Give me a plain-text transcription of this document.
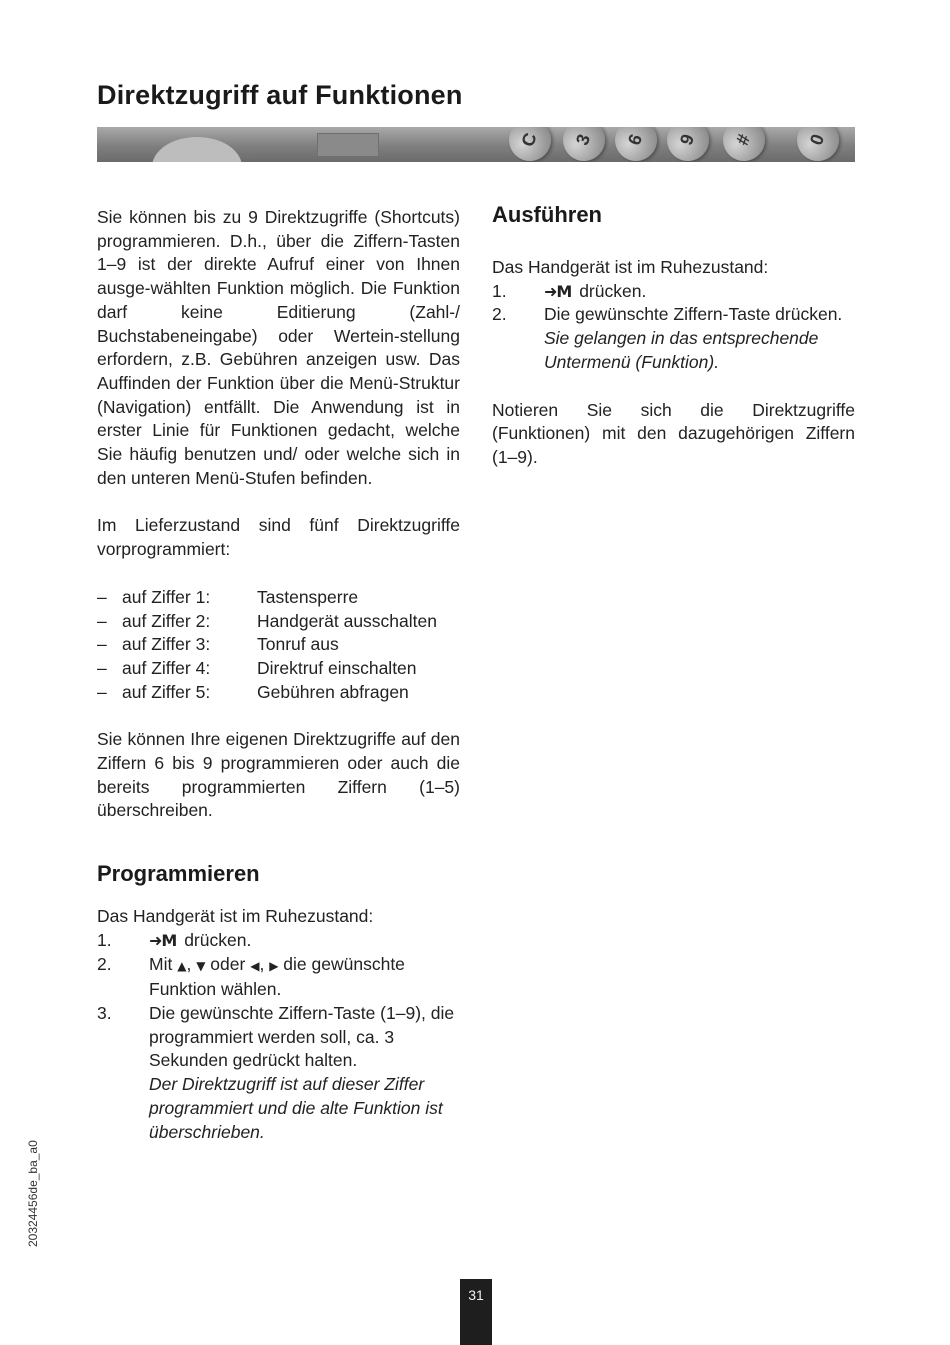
Direktzugriff auf Funktionen
C	3	6	9	#	0

Sie können bis zu 9 Direktzugriffe (Shortcuts) programmieren. D.h., über die Ziffern-Tasten 1–9 ist der direkte Aufruf einer von Ihnen ausge-wählten Funktion möglich. Die Funktion darf keine Editierung (Zahl-/ Buchstabeneingabe) oder Wertein-stellung erfordern, z.B. Gebühren anzeigen usw. Das Auffinden der Funktion über die Menü-Struktur (Navigation) entfällt. Die Anwendung ist in erster Linie für Funktionen gedacht, welche Sie häufig benutzen und/ oder welche sich in den unteren Menü-Stufen befinden.

Im Lieferzustand sind fünf Direktzugriffe vorprogrammiert:

– auf Ziffer 1:	Tastensperre
– auf Ziffer 2:	Handgerät ausschalten
– auf Ziffer 3:	Tonruf aus
– auf Ziffer 4:	Direktruf einschalten
– auf Ziffer 5:	Gebühren abfragen

Sie können Ihre eigenen Direktzugriffe auf den Ziffern 6 bis 9 programmieren oder auch die bereits programmierten Ziffern (1–5) überschreiben.

Programmieren
Das Handgerät ist im Ruhezustand:
1.	➜M drücken.
2.	Mit ▲, ▼ oder ◀, ▶ die gewünschte Funktion wählen.
3.	Die gewünschte Ziffern-Taste (1–9), die programmiert werden soll, ca. 3 Sekunden gedrückt halten.
Der Direktzugriff ist auf dieser Ziffer programmiert und die alte Funktion ist überschrieben.
Ausführen
Das Handgerät ist im Ruhezustand:
1.	➜M drücken.
2.	Die gewünschte Ziffern-Taste drücken.
Sie gelangen in das entsprechende Untermenü (Funktion).

Notieren Sie sich die Direktzugriffe (Funktionen) mit den dazugehörigen Ziffern (1–9).

20324456de_ba_a0
31
